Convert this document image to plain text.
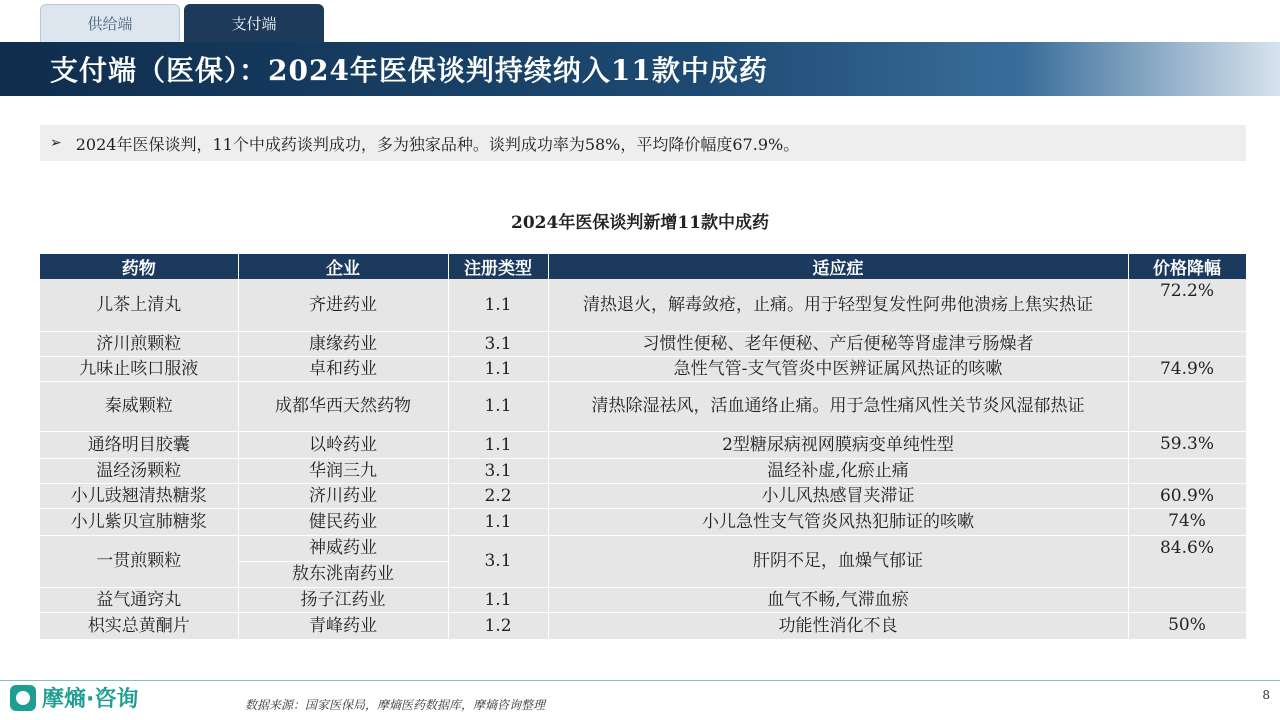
供给端	支付端
支付端（医保）：2024年医保谈判持续纳入11款中成药
➢ 2024年医保谈判，11个中成药谈判成功，多为独家品种。谈判成功率为58%，平均降价幅度67.9%。
2024年医保谈判新增11款中成药
药物	企业	注册类型	适应症	价格降幅
儿茶上清丸	齐进药业	1.1	清热退火，解毒敛疮，止痛。用于轻型复发性阿弗他溃疡上焦实热证	72.2%
济川煎颗粒	康缘药业	3.1	习惯性便秘、老年便秘、产后便秘等肾虚津亏肠燥者	
九味止咳口服液	卓和药业	1.1	急性气管-支气管炎中医辨证属风热证的咳嗽	74.9%
秦威颗粒	成都华西天然药物	1.1	清热除湿祛风，活血通络止痛。用于急性痛风性关节炎风湿郁热证	
通络明目胶囊	以岭药业	1.1	2型糖尿病视网膜病变单纯性型	59.3%
温经汤颗粒	华润三九	3.1	温经补虚,化瘀止痛	
小儿豉翘清热糖浆	济川药业	2.2	小儿风热感冒夹滞证	60.9%
小儿紫贝宣肺糖浆	健民药业	1.1	小儿急性支气管炎风热犯肺证的咳嗽	74%
一贯煎颗粒	神威药业	3.1	肝阴不足，血燥气郁证	84.6%
	敖东洮南药业			
益气通窍丸	扬子江药业	1.1	血气不畅,气滞血瘀	
枳实总黄酮片	青峰药业	1.2	功能性消化不良	50%
摩熵·咨询	数据来源：国家医保局，摩熵医药数据库，摩熵咨询整理
8
